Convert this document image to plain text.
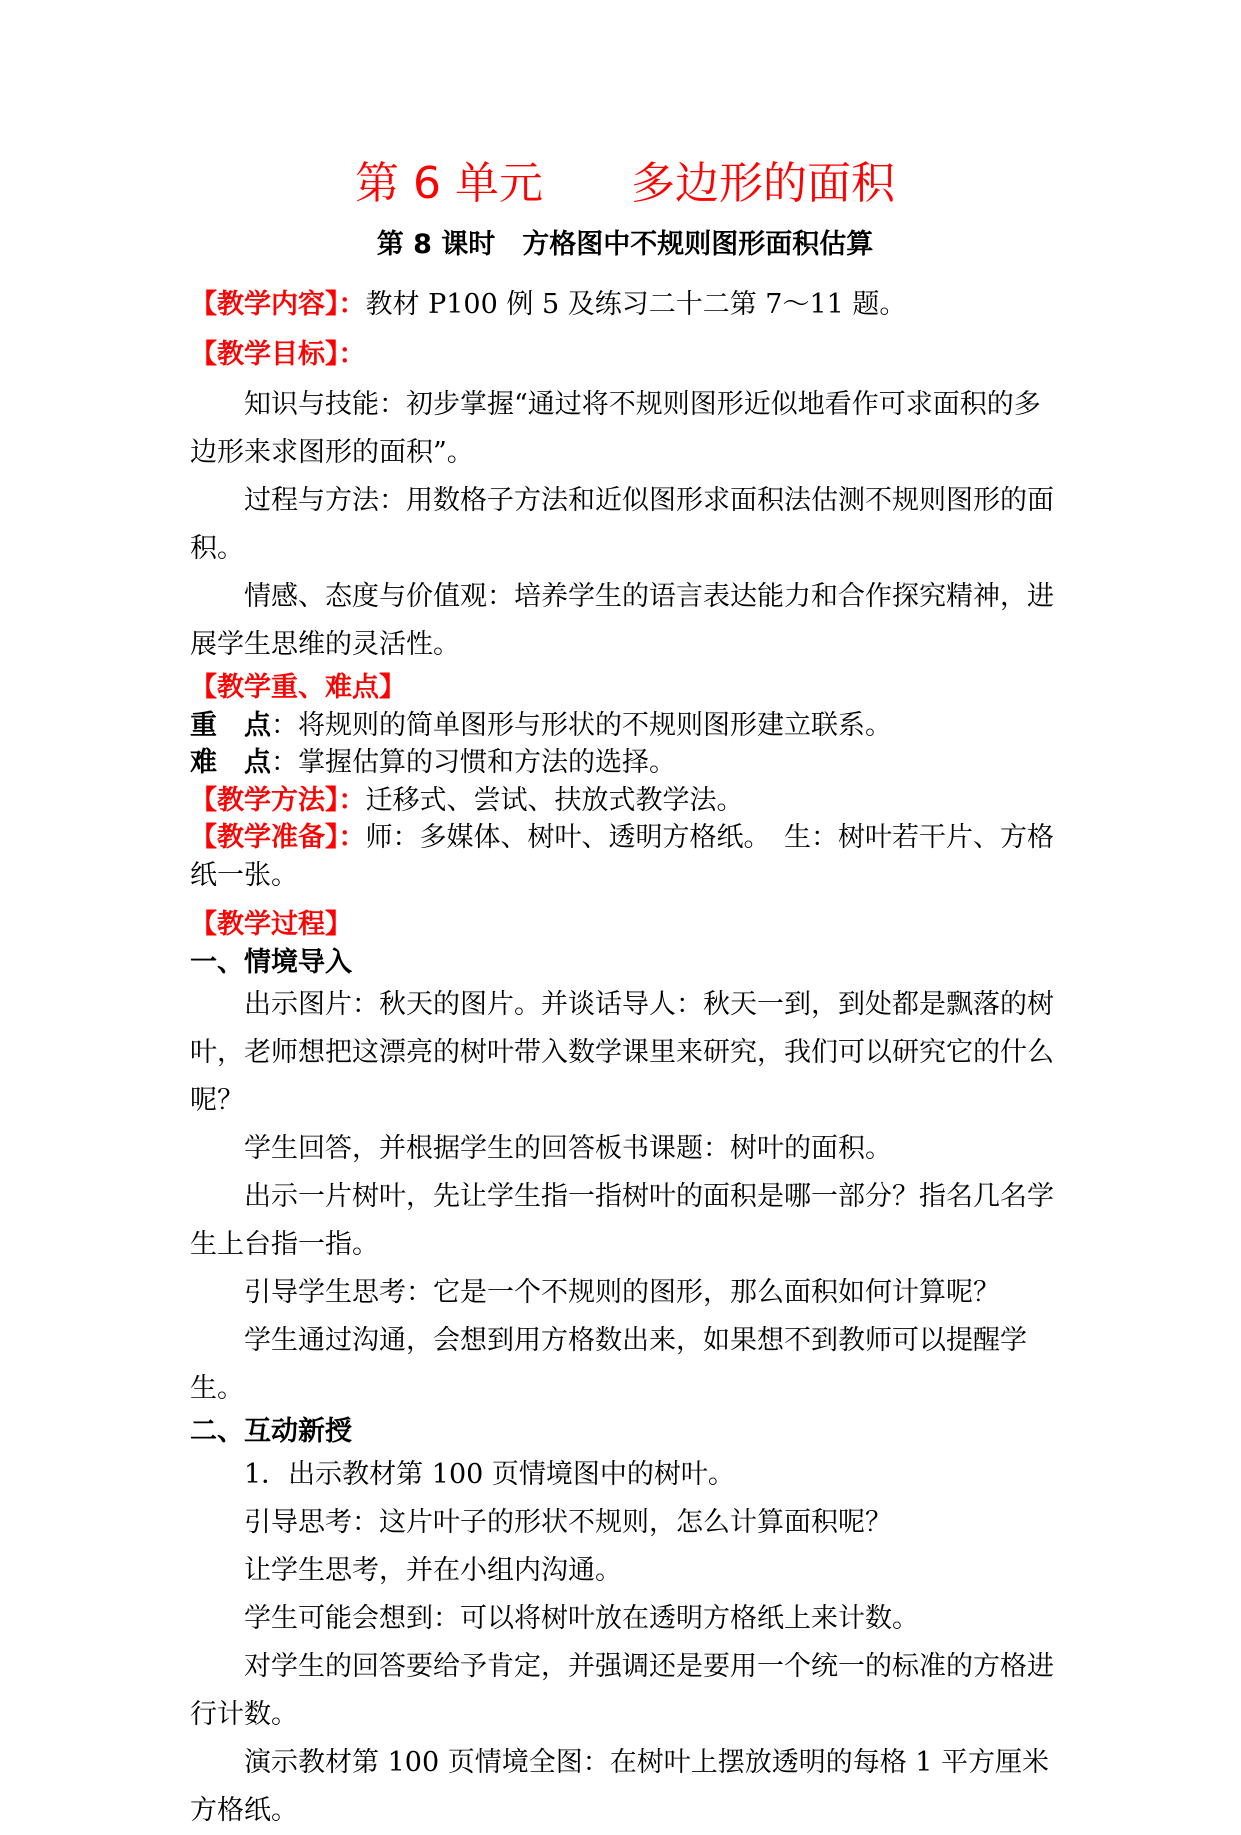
第 6 单元　　多边形的面积
第 8 课时　方格图中不规则图形面积估算
【教学内容】：教材 P100 例 5 及练习二十二第 7～11 题。
【教学目标】：

知识与技能：初步掌握“通过将不规则图形近似地看作可求面积的多边形来求图形的面积”。

过程与方法：用数格子方法和近似图形求面积法估测不规则图形的面积。

情感、态度与价值观：培养学生的语言表达能力和合作探究精神，进展学生思维的灵活性。

【教学重、难点】
重　点：将规则的简单图形与形状的不规则图形建立联系。
难　点：掌握估算的习惯和方法的选择。
【教学方法】：迁移式、尝试、扶放式教学法。
【教学准备】：师：多媒体、树叶、透明方格纸。　生：树叶若干片、方格纸一张。
【教学过程】
一、情境导入

出示图片：秋天的图片。并谈话导人：秋天一到，到处都是飘落的树叶，老师想把这漂亮的树叶带入数学课里来研究，我们可以研究它的什么呢？

学生回答，并根据学生的回答板书课题：树叶的面积。

出示一片树叶，先让学生指一指树叶的面积是哪一部分？指名几名学生上台指一指。

引导学生思考：它是一个不规则的图形，那么面积如何计算呢？

学生通过沟通，会想到用方格数出来，如果想不到教师可以提醒学生。

二、互动新授

1．出示教材第 100 页情境图中的树叶。

引导思考：这片叶子的形状不规则，怎么计算面积呢？

让学生思考，并在小组内沟通。

学生可能会想到：可以将树叶放在透明方格纸上来计数。

对学生的回答要给予肯定，并强调还是要用一个统一的标准的方格进行计数。

演示教材第 100 页情境全图：在树叶上摆放透明的每格 1 平方厘米方格纸。
